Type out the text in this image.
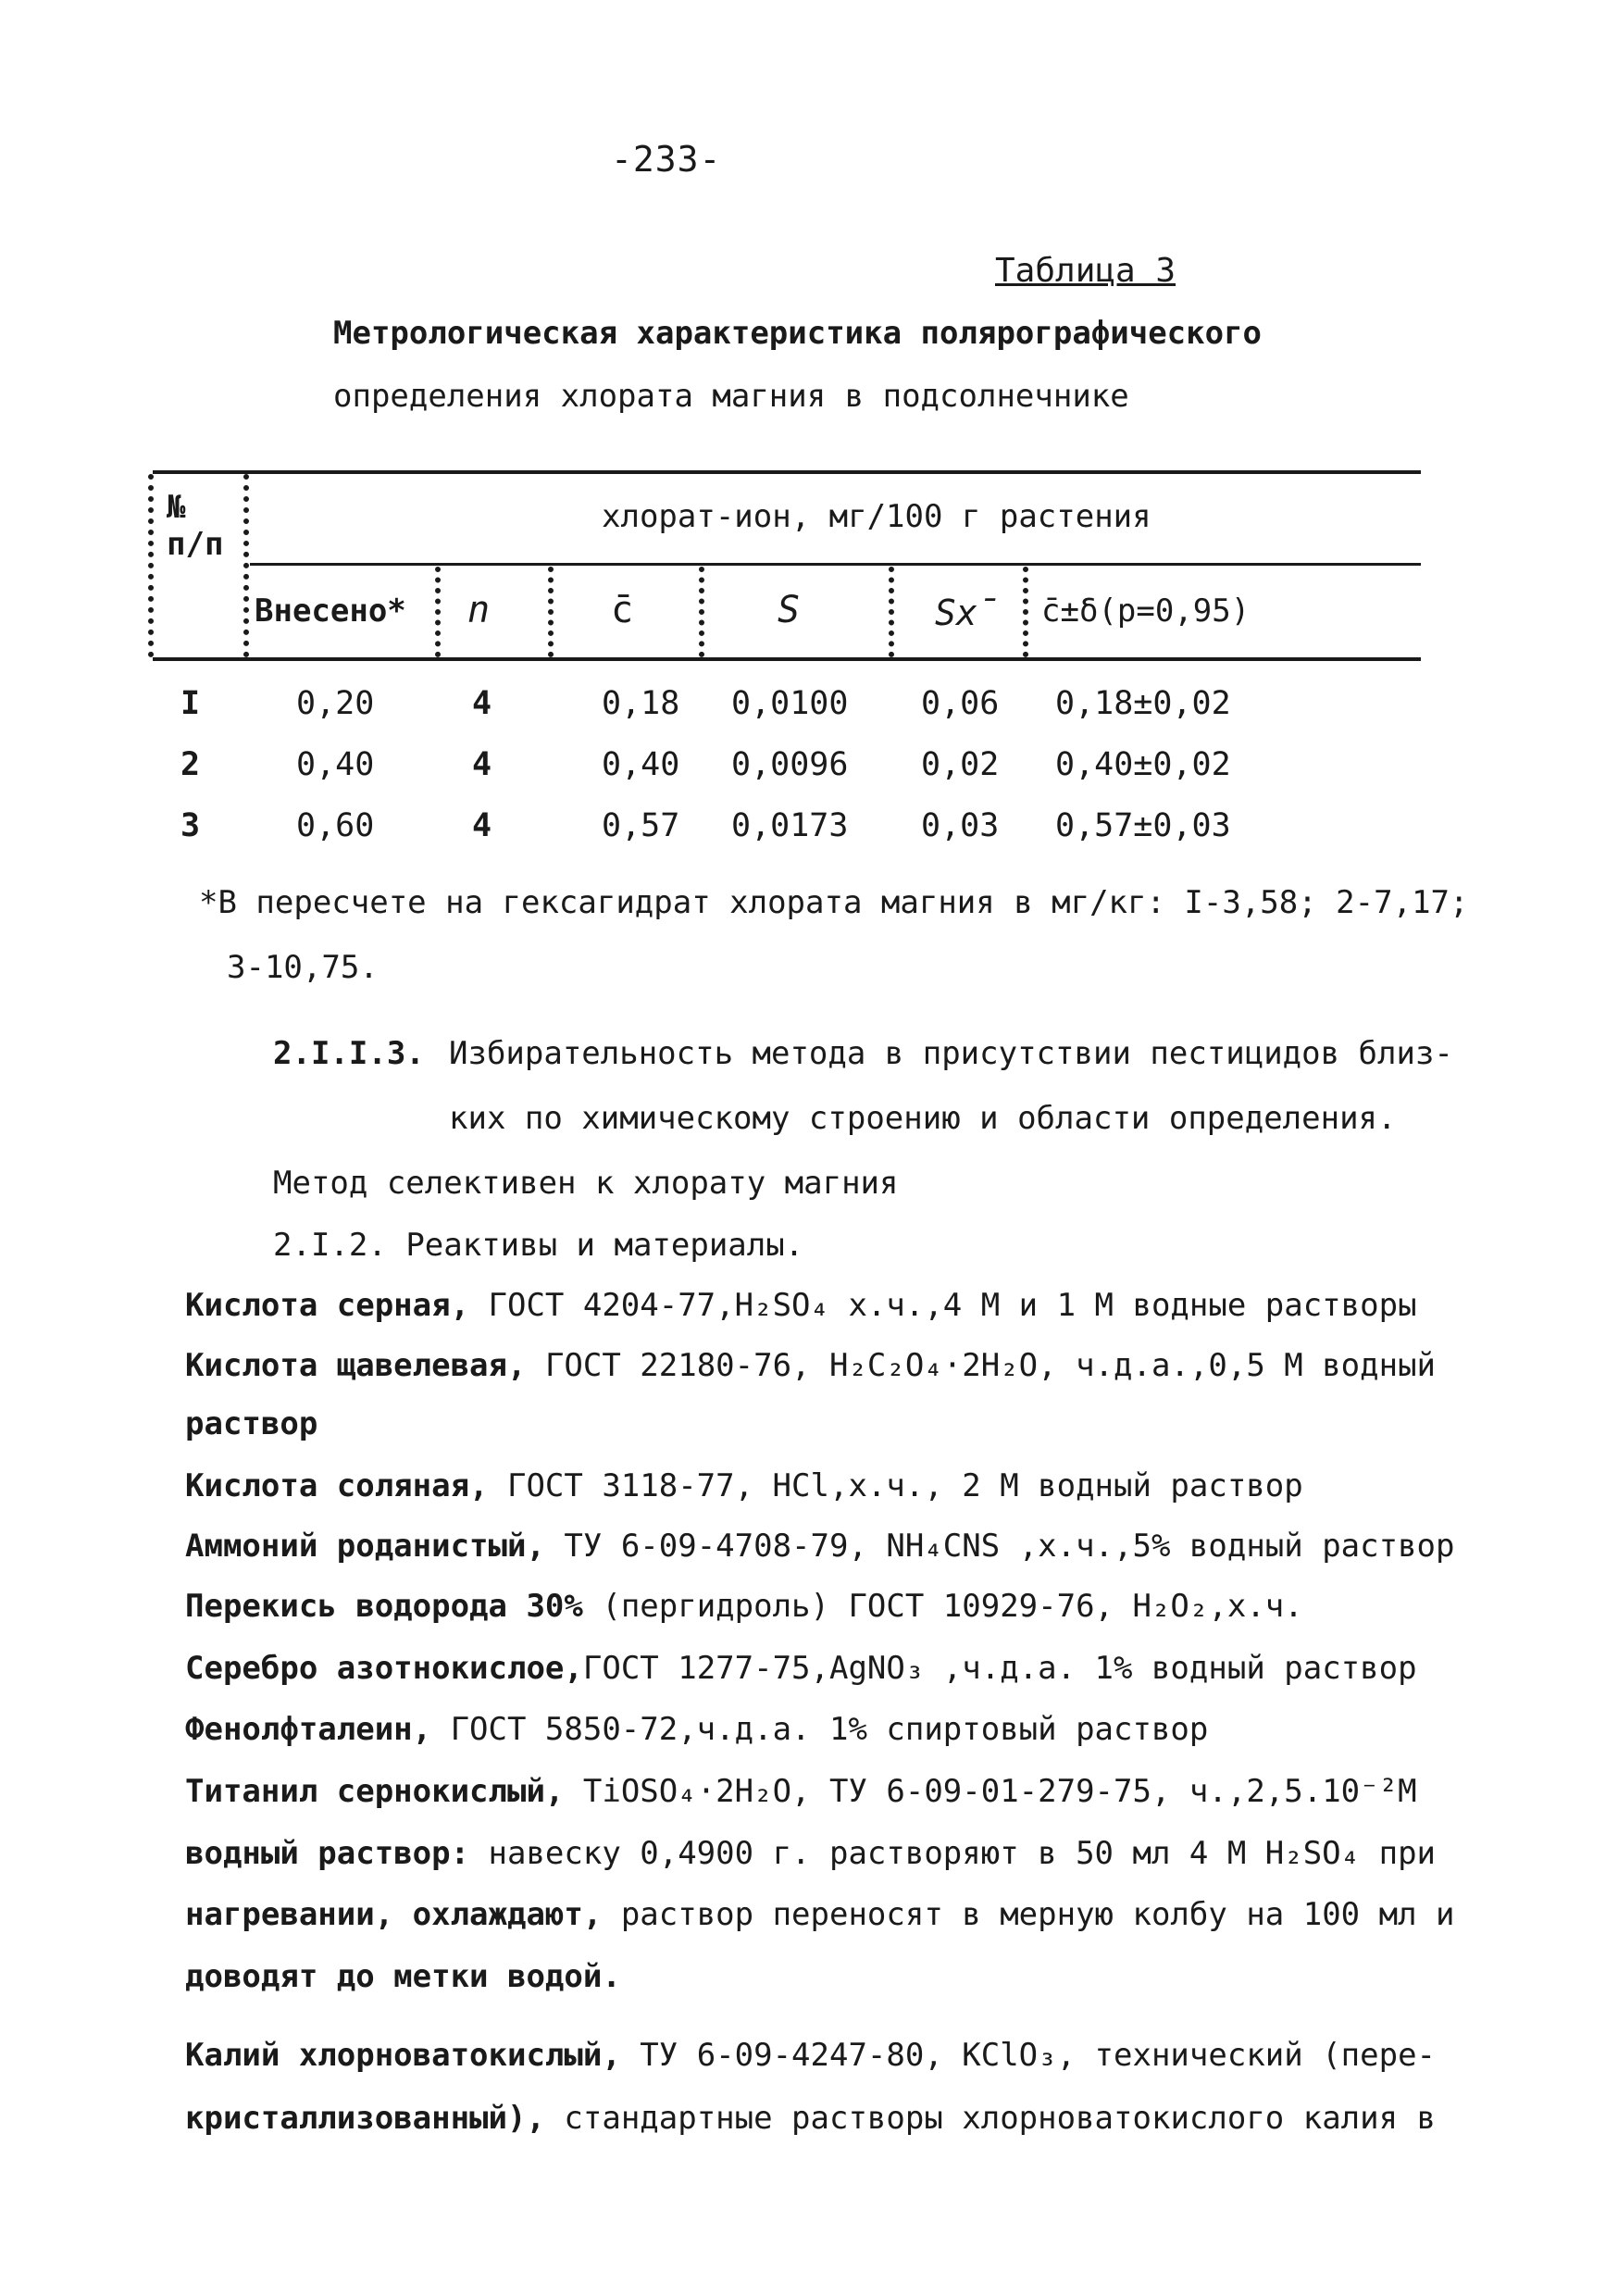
-233-
Таблица 3
Метрологическая характеристика полярографического
определения хлората магния в подсолнечнике
№
п/п
хлорат-ион, мг/100 г растения
Внесено* n	c̄	S	Sx̄ c̄±δ(p=0,95)
I	0,20	4	0,18 0,0100 0,06 0,18±0,02
2	0,40	4	0,40 0,0096 0,02 0,40±0,02
3	0,60	4	0,57 0,0173 0,03 0,57±0,03
*В пересчете на гексагидрат хлората магния в мг/кг: I-3,58; 2-7,17;
3-10,75.
2.I.I.3. Избирательность метода в присутствии пестицидов близ-
ких по химическому строению и области определения.
Метод селективен к хлорату магния
2.I.2. Реактивы и материалы.
Кислота серная, ГОСТ 4204-77,H₂SO₄ х.ч.,4 М и 1 М водные растворы
Кислота щавелевая, ГОСТ 22180-76, H₂C₂O₄·2H₂O, ч.д.а.,0,5 М водный
раствор
Кислота соляная, ГОСТ 3118-77, HCl,х.ч., 2 М водный раствор
Аммоний роданистый, ТУ 6-09-4708-79, NH₄CNS ,х.ч.,5% водный раствор
Перекись водорода 30% (пергидроль) ГОСТ 10929-76, H₂O₂,х.ч.
Серебро азотнокислое,ГОСТ 1277-75,AgNO₃ ,ч.д.а. 1% водный раствор
Фенолфталеин, ГОСТ 5850-72,ч.д.а. 1% спиртовый раствор
Титанил сернокислый, TiOSO₄·2H₂O, ТУ 6-09-01-279-75, ч.,2,5.10⁻²М
водный раствор: навеску 0,4900 г. растворяют в 50 мл 4 М H₂SO₄ при
нагревании, охлаждают, раствор переносят в мерную колбу на 100 мл и
доводят до метки водой.
Калий хлорноватокислый, ТУ 6-09-4247-80, KClO₃, технический (пере-
кристаллизованный), стандартные растворы хлорноватокислого калия в
